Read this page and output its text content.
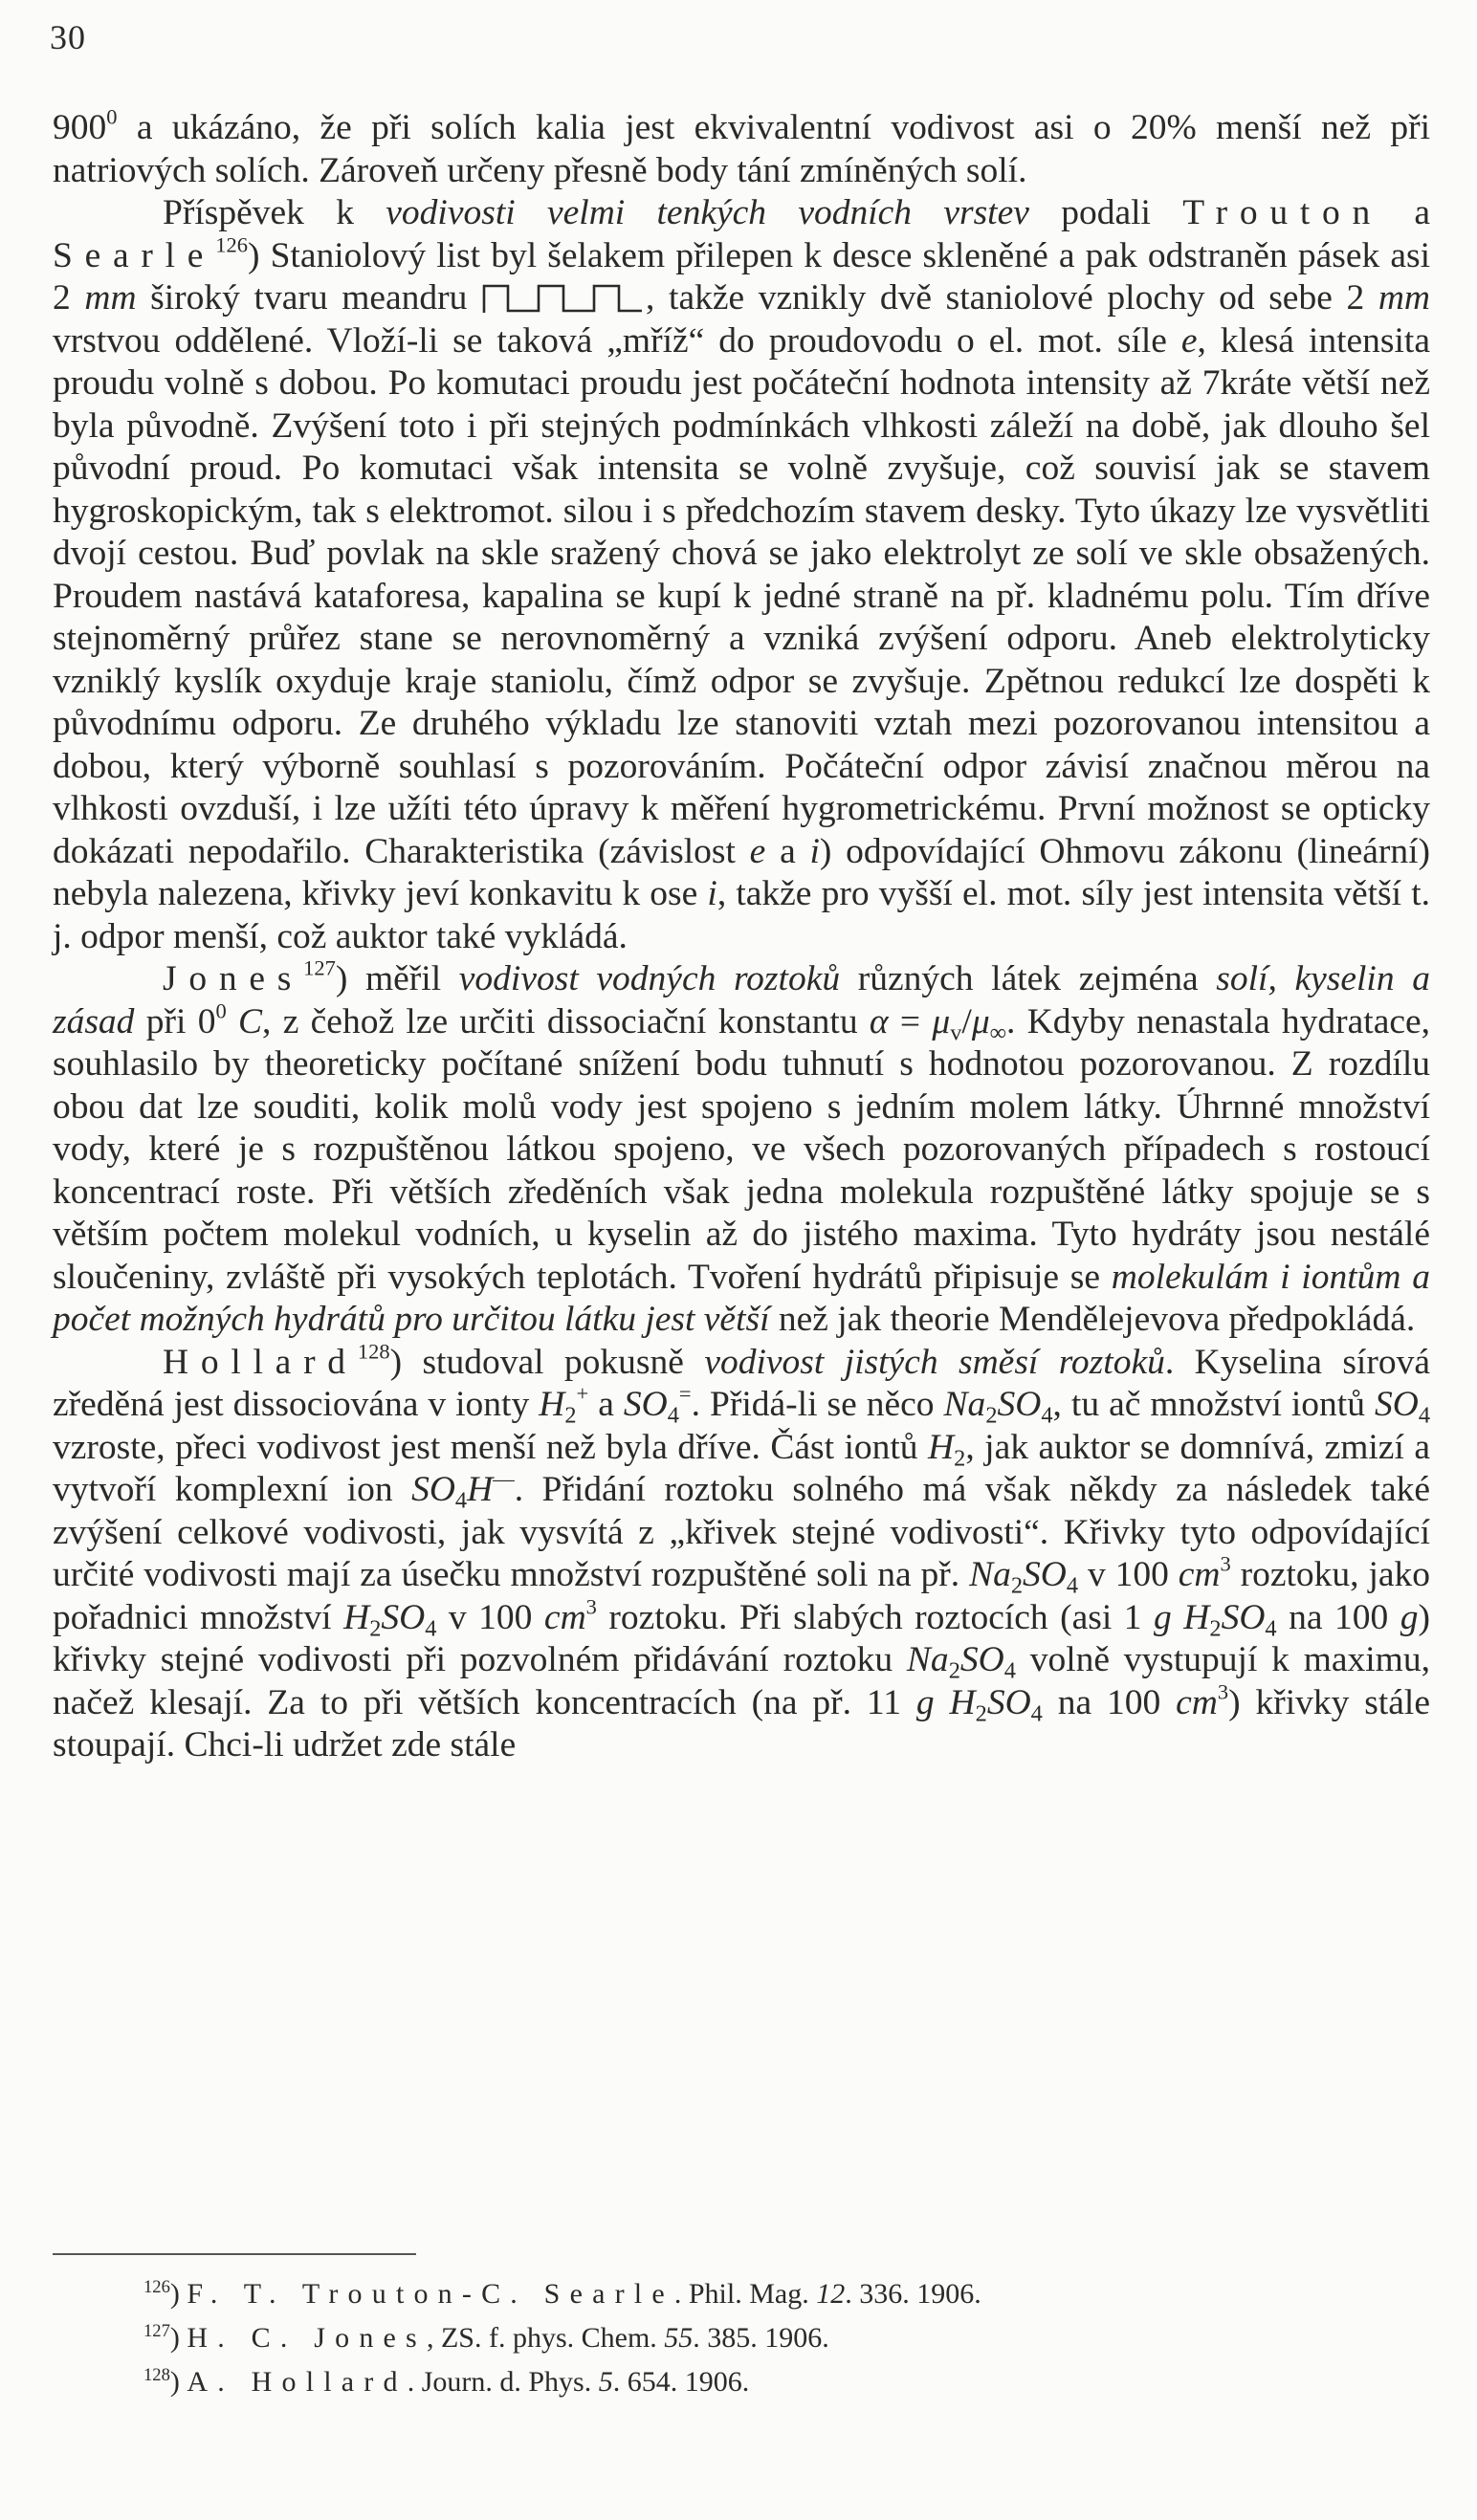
30

$900^0$ a ukázáno, že při solích kalia jest ekvivalentní vodivost asi o 20% menší než při natriových solích. Zároveň určeny přesně body tání zmíněných solí.

Příspěvek k vodivosti velmi tenkých vodních vrstev podali Trouton a Searle$^{126}$) Staniolový list byl šelakem přilepen k desce skleněné a pak odstraněn pásek asi 2 mm široký tvaru meandru	, takže vznikly dvě staniolové plochy od sebe 2 mm vrstvou oddělené. Vloží-li se taková „mříž“ do proudovodu o el. mot. síle e, klesá intensita proudu volně s dobou. Po komutaci proudu jest počáteční hodnota intensity až 7kráte větší než byla původně. Zvýšení toto i při stejných podmínkách vlhkosti záleží na době, jak dlouho šel původní proud. Po komutaci však intensita se volně zvyšuje, což souvisí jak se stavem hygroskopickým, tak s elektromot. silou i s předchozím stavem desky. Tyto úkazy lze vysvětliti dvojí cestou. Buď povlak na skle sražený chová se jako elektrolyt ze solí ve skle obsažených. Proudem nastává kataforesa, kapalina se kupí k jedné straně na př. kladnému polu. Tím dříve stejnoměrný průřez stane se nerovnoměrný a vzniká zvýšení odporu. Aneb elektrolyticky vzniklý kyslík oxyduje kraje staniolu, čímž odpor se zvyšuje. Zpětnou redukcí lze dospěti k původnímu odporu. Ze druhého výkladu lze stanoviti vztah mezi pozorovanou intensitou a dobou, který výborně souhlasí s pozorováním. Počáteční odpor závisí značnou měrou na vlhkosti ovzduší, i lze užíti této úpravy k měření hygrometrickému. První možnost se opticky dokázati nepodařilo. Charakteristika (závislost e a i) odpovídající Ohmovu zákonu (lineární) nebyla nalezena, křivky jeví konkavitu k ose i, takže pro vyšší el. mot. síly jest intensita větší t. j. odpor menší, což auktor také vykládá.

Jones$^{127}$) měřil vodivost vodných roztoků různých látek zejména solí, kyselin a zásad při $0^0$ C, z čehož lze určiti dissociační konstantu $\alpha = \mu_v/\mu_\infty$. Kdyby nenastala hydratace, souhlasilo by theoreticky počítané snížení bodu tuhnutí s hodnotou pozorovanou. Z rozdílu obou dat lze souditi, kolik molů vody jest spojeno s jedním molem látky. Úhrnné množství vody, které je s rozpuštěnou látkou spojeno, ve všech pozorovaných případech s rostoucí koncentrací roste. Při větších zředěních však jedna molekula rozpuštěné látky spojuje se s větším počtem molekul vodních, u kyselin až do jistého maxima. Tyto hydráty jsou nestálé sloučeniny, zvláště při vysokých teplotách. Tvoření hydrátů připisuje se molekulám i iontům a počet možných hydrátů pro určitou látku jest větší než jak theorie Mendělejevova předpokládá.

Hollard$^{128}$) studoval pokusně vodivost jistých směsí roztoků. Kyselina sírová zředěná jest dissociována v ionty $H_2^+$ a $SO_4^=$. Přidá-li se něco $Na_2SO_4$, tu ač množství iontů $SO_4$ vzroste, přeci vodivost jest menší než byla dříve. Část iontů $H_2$, jak auktor se domnívá, zmizí a vytvoří komplexní ion $SO_4H^—$. Přidání roztoku solného má však někdy za následek také zvýšení celkové vodivosti, jak vysvítá z „křivek stejné vodivosti“. Křivky tyto odpovídající určité vodivosti mají za úsečku množství rozpuštěné soli na př. $Na_2SO_4$ v 100 $cm^3$ roztoku, jako pořadnici množství $H_2SO_4$ v 100 $cm^3$ roztoku. Při slabých roztocích (asi 1 g $H_2SO_4$ na 100 g) křivky stejné vodivosti při pozvolném přidávání roztoku $Na_2SO_4$ volně vystupují k maximu, načež klesají. Za to při větších koncentracích (na př. 11 g $H_2SO_4$ na 100 $cm^3$) křivky stále stoupají. Chci-li udržet zde stále

$^{126}$) F. T. Trouton-C. Searle. Phil. Mag. 12. 336. 1906.
$^{127}$) H. C. Jones, ZS. f. phys. Chem. 55. 385. 1906.
$^{128}$) A. Hollard. Journ. d. Phys. 5. 654. 1906.
